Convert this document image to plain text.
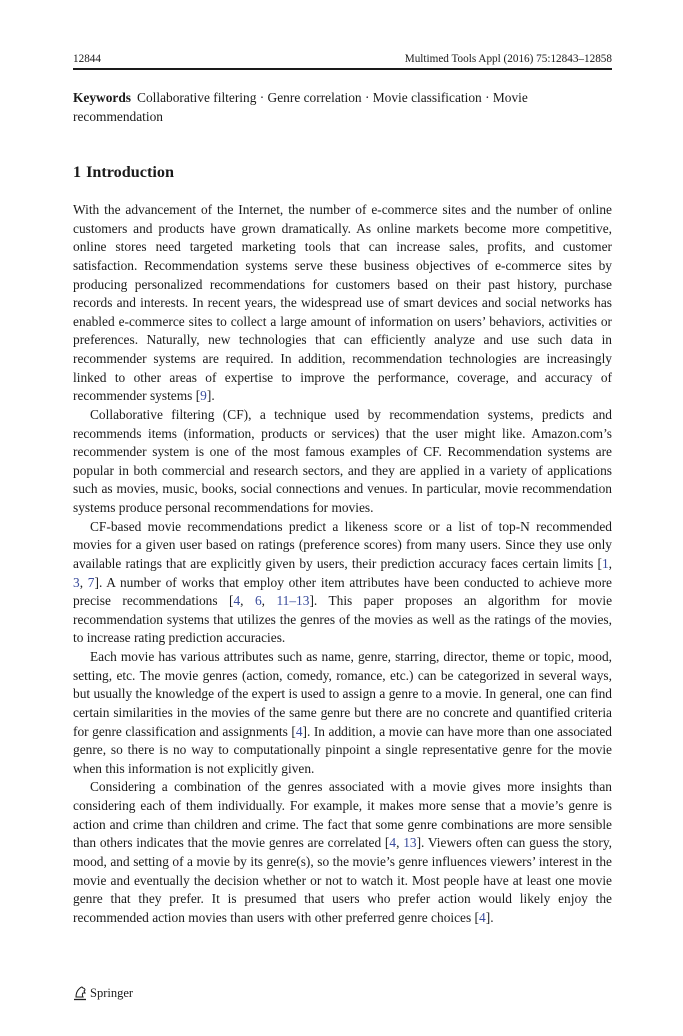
12844	Multimed Tools Appl (2016) 75:12843–12858
Keywords Collaborative filtering · Genre correlation · Movie classification · Movie recommendation
1 Introduction

With the advancement of the Internet, the number of e-commerce sites and the number of online customers and products have grown dramatically. As online markets become more competitive, online stores need targeted marketing tools that can increase sales, profits, and customer satisfaction. Recommendation systems serve these business objectives of e-commerce sites by producing personalized recommendations for customers based on their past history, purchase records and interests. In recent years, the widespread use of smart devices and social networks has enabled e-commerce sites to collect a large amount of information on users’ behaviors, activities or preferences. Naturally, new technologies that can efficiently analyze and use such data in recommender systems are required. In addition, recommendation technologies are increasingly linked to other areas of expertise to improve the performance, coverage, and accuracy of recommender systems [9].

Collaborative filtering (CF), a technique used by recommendation systems, predicts and recommends items (information, products or services) that the user might like. Amazon.com’s recommender system is one of the most famous examples of CF. Recommendation systems are popular in both commercial and research sectors, and they are applied in a variety of applications such as movies, music, books, social connections and venues. In particular, movie recommendation systems produce personal recommendations for movies.

CF-based movie recommendations predict a likeness score or a list of top-N recommended movies for a given user based on ratings (preference scores) from many users. Since they use only available ratings that are explicitly given by users, their prediction accuracy faces certain limits [1, 3, 7]. A number of works that employ other item attributes have been conducted to achieve more precise recommendations [4, 6, 11–13]. This paper proposes an algorithm for movie recommendation systems that utilizes the genres of the movies as well as the ratings of the movies, to increase rating prediction accuracies.

Each movie has various attributes such as name, genre, starring, director, theme or topic, mood, setting, etc. The movie genres (action, comedy, romance, etc.) can be categorized in several ways, but usually the knowledge of the expert is used to assign a genre to a movie. In general, one can find certain similarities in the movies of the same genre but there are no concrete and quantified criteria for genre classification and assignments [4]. In addition, a movie can have more than one associated genre, so there is no way to computationally pinpoint a single representative genre for the movie when this information is not explicitly given.

Considering a combination of the genres associated with a movie gives more insights than considering each of them individually. For example, it makes more sense that a movie’s genre is action and crime than children and crime. The fact that some genre combinations are more sensible than others indicates that the movie genres are correlated [4, 13]. Viewers often can guess the story, mood, and setting of a movie by its genre(s), so the movie’s genre influences viewers’ interest in the movie and eventually the decision whether or not to watch it. Most people have at least one movie genre that they prefer. It is presumed that users who prefer action would likely enjoy the recommended action movies than users with other preferred genre choices [4].

Springer
